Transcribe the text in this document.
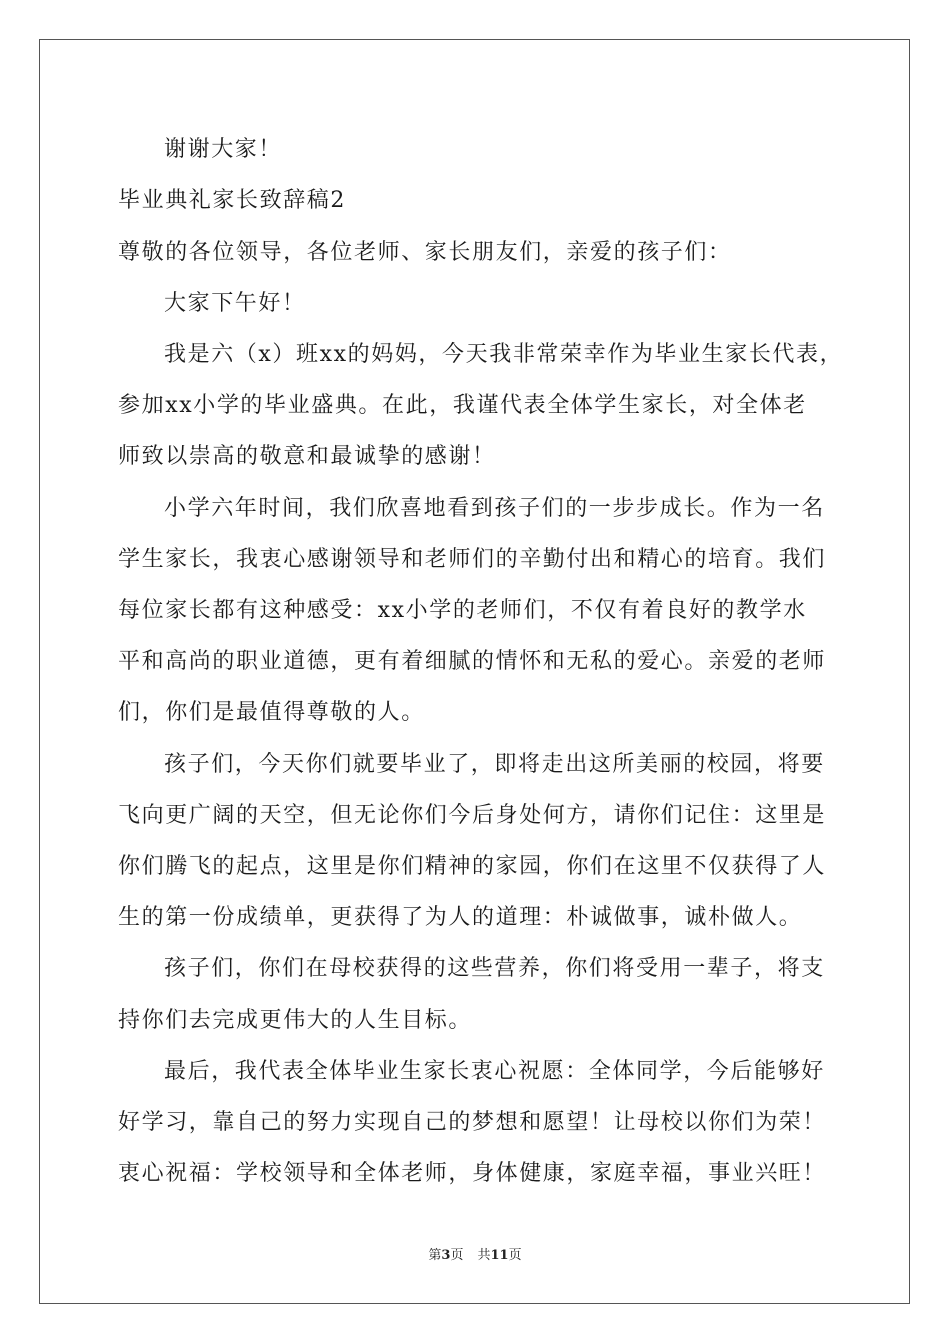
谢谢大家！
毕业典礼家长致辞稿2
尊敬的各位领导，各位老师、家长朋友们，亲爱的孩子们：
大家下午好！
我是六（x）班xx的妈妈，今天我非常荣幸作为毕业生家长代表，
参加xx小学的毕业盛典。在此，我谨代表全体学生家长，对全体老
师致以崇高的敬意和最诚挚的感谢！
小学六年时间，我们欣喜地看到孩子们的一步步成长。作为一名
学生家长，我衷心感谢领导和老师们的辛勤付出和精心的培育。我们
每位家长都有这种感受：xx小学的老师们，不仅有着良好的教学水
平和高尚的职业道德，更有着细腻的情怀和无私的爱心。亲爱的老师
们，你们是最值得尊敬的人。
孩子们，今天你们就要毕业了，即将走出这所美丽的校园，将要
飞向更广阔的天空，但无论你们今后身处何方，请你们记住：这里是
你们腾飞的起点，这里是你们精神的家园，你们在这里不仅获得了人
生的第一份成绩单，更获得了为人的道理：朴诚做事，诚朴做人。
孩子们，你们在母校获得的这些营养，你们将受用一辈子，将支
持你们去完成更伟大的人生目标。
最后，我代表全体毕业生家长衷心祝愿：全体同学，今后能够好
好学习，靠自己的努力实现自己的梦想和愿望！让母校以你们为荣！
衷心祝福：学校领导和全体老师，身体健康，家庭幸福，事业兴旺！
第3页 共11页
